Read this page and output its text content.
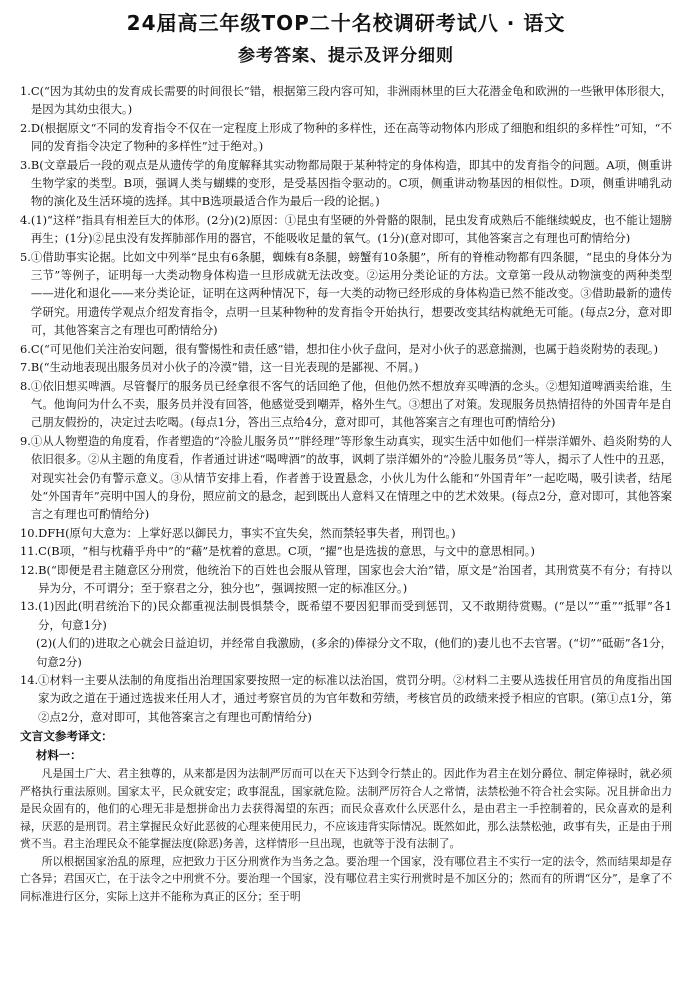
24届高三年级TOP二十名校调研考试八 · 语文
参考答案、提示及评分细则
1. C(“因为其幼虫的发育成长需要的时间很长”错，根据第三段内容可知，非洲雨林里的巨大花潜金龟和欧洲的一些锹甲体形很大，是因为其幼虫很大。)
2. D(根据原文“不同的发育指令不仅在一定程度上形成了物种的多样性，还在高等动物体内形成了细胞和组织的多样性”可知，“不同的发育指令决定了物种的多样性”过于绝对。)
3. B(文章最后一段的观点是从遗传学的角度解释其实动物都局限于某种特定的身体构造，即其中的发育指令的问题。A项，侧重讲生物学家的类型。B项，强调人类与蝴蝶的变形，是受基因指令驱动的。C项，侧重讲动物基因的相似性。D项，侧重讲哺乳动物的演化及生活环境的选择。其中B选项最适合作为最后一段的论据。)
4. (1)“这样”指具有相差巨大的体形。(2分)(2)原因：①昆虫有坚硬的外骨骼的限制，昆虫发育成熟后不能继续蜕皮，也不能让翅膀再生；(1分)②昆虫没有发挥肺部作用的器官，不能吸收足量的氧气。(1分)(意对即可，其他答案言之有理也可酌情给分)
5. ①借助事实论据。比如文中列举“昆虫有6条腿，蜘蛛有8条腿，螃蟹有10条腿”，所有的脊椎动物都有四条腿，“昆虫的身体分为三节”等例子，证明每一大类动物身体构造一旦形成就无法改变。②运用分类论证的方法。文章第一段从动物演变的两种类型——进化和退化——来分类论证，证明在这两种情况下，每一大类的动物已经形成的身体构造已然不能改变。③借助最新的遗传学研究。用遗传学观点介绍发育指令，点明一旦某种物种的发育指令开始执行，想要改变其结构就绝无可能。(每点2分，意对即可，其他答案言之有理也可酌情给分)
6. C(“可见他们关注治安问题，很有警惕性和责任感”错，想扣住小伙子盘问，是对小伙子的恶意揣测，也属于趋炎附势的表现。)
7. B(“生动地表现出服务员对小伙子的冷漠”错，这一目光表现的是鄙视、不屑。)
8. ①依旧想买啤酒。尽管餐厅的服务员已经拿很不客气的话回绝了他，但他仍然不想放弃买啤酒的念头。②想知道啤酒卖给谁，生气。他询问为什么不卖，服务员并没有回答，他感觉受到嘲弄，格外生气。③想出了对策。发现服务员热情招待的外国青年是自己朋友假扮的，决定过去吃喝。(每点1分，答出三点给4分，意对即可，其他答案言之有理也可酌情给分)
9. ①从人物塑造的角度看，作者塑造的“冷脸儿服务员”“胖经理”等形象生动真实，现实生活中如他们一样崇洋媚外、趋炎附势的人依旧很多。②从主题的角度看，作者通过讲述“喝啤酒”的故事，讽刺了崇洋媚外的“冷脸儿服务员”等人，揭示了人性中的丑恶，对现实社会仍有警示意义。③从情节安排上看，作者善于设置悬念，小伙儿为什么能和“外国青年”一起吃喝，吸引读者，结尾处“外国青年”亮明中国人的身份，照应前文的悬念，起到既出人意料又在情理之中的艺术效果。(每点2分，意对即可，其他答案言之有理也可酌情给分)
10. DFH(原句大意为：上掌好恶以御民力，事实不宜失矣，然而禁轻事失者，刑罚也。)
11. C(B项，“相与枕藉乎舟中”的“藉”是枕着的意思。C项，“擢”也是选拔的意思，与文中的意思相同。)
12. B(“即便是君主随意区分刑赏，他统治下的百姓也会服从管理，国家也会大治”错，原文是“治国者，其刑赏莫不有分；有持以异为分，不可谓分；至于察君之分，独分也”，强调按照一定的标准区分。)
13. (1)因此(明君统治下的)民众都重视法制畏惧禁令，既希望不要因犯罪而受到惩罚，又不敢期待赏赐。(“是以”“重”“抵罪”各1分，句意1分)
(2)(人们的)进取之心就会日益迫切，并经常自我激励，(多余的)俸禄分文不取，(他们的)妻儿也不去官署。(“切”“砥砺”各1分，句意2分)
14. ①材料一主要从法制的角度指出治理国家要按照一定的标准以法治国，赏罚分明。②材料二主要从选拔任用官员的角度指出国家为政之道在于通过选拔来任用人才，通过考察官员的为官年数和劳绩，考核官员的政绩来授予相应的官职。(第①点1分，第②点2分，意对即可，其他答案言之有理也可酌情给分)
文言文参考译文：
材料一：

凡是国土广大、君主独尊的，从来都是因为法制严厉而可以在天下达到令行禁止的。因此作为君主在划分爵位、制定俸禄时，就必须严格执行重法原则。国家太平，民众就安定；政事混乱，国家就危险。法制严厉符合人之常情，法禁松弛不符合社会实际。况且拼命出力是民众固有的，他们的心理无非是想拼命出力去获得渴望的东西；而民众喜欢什么厌恶什么，是由君主一手控制着的，民众喜欢的是利禄，厌恶的是刑罚。君主掌握民众好此恶彼的心理来使用民力，不应该违背实际情况。既然如此，那么法禁松弛，政事有失，正是由于刑赏不当。君主治理民众不能掌握法度(除恶)务善，这样情形一旦出现，也就等于没有法制了。

所以根据国家治乱的原理，应把致力于区分刑赏作为当务之急。要治理一个国家，没有哪位君主不实行一定的法令，然而结果却是存亡各异；君国灭亡，在于法令之中刑赏不分。要治理一个国家，没有哪位君主实行刑赏时是不加区分的；然而有的所谓“区分”，是拿了不同标准进行区分，实际上这并不能称为真正的区分；至于明
